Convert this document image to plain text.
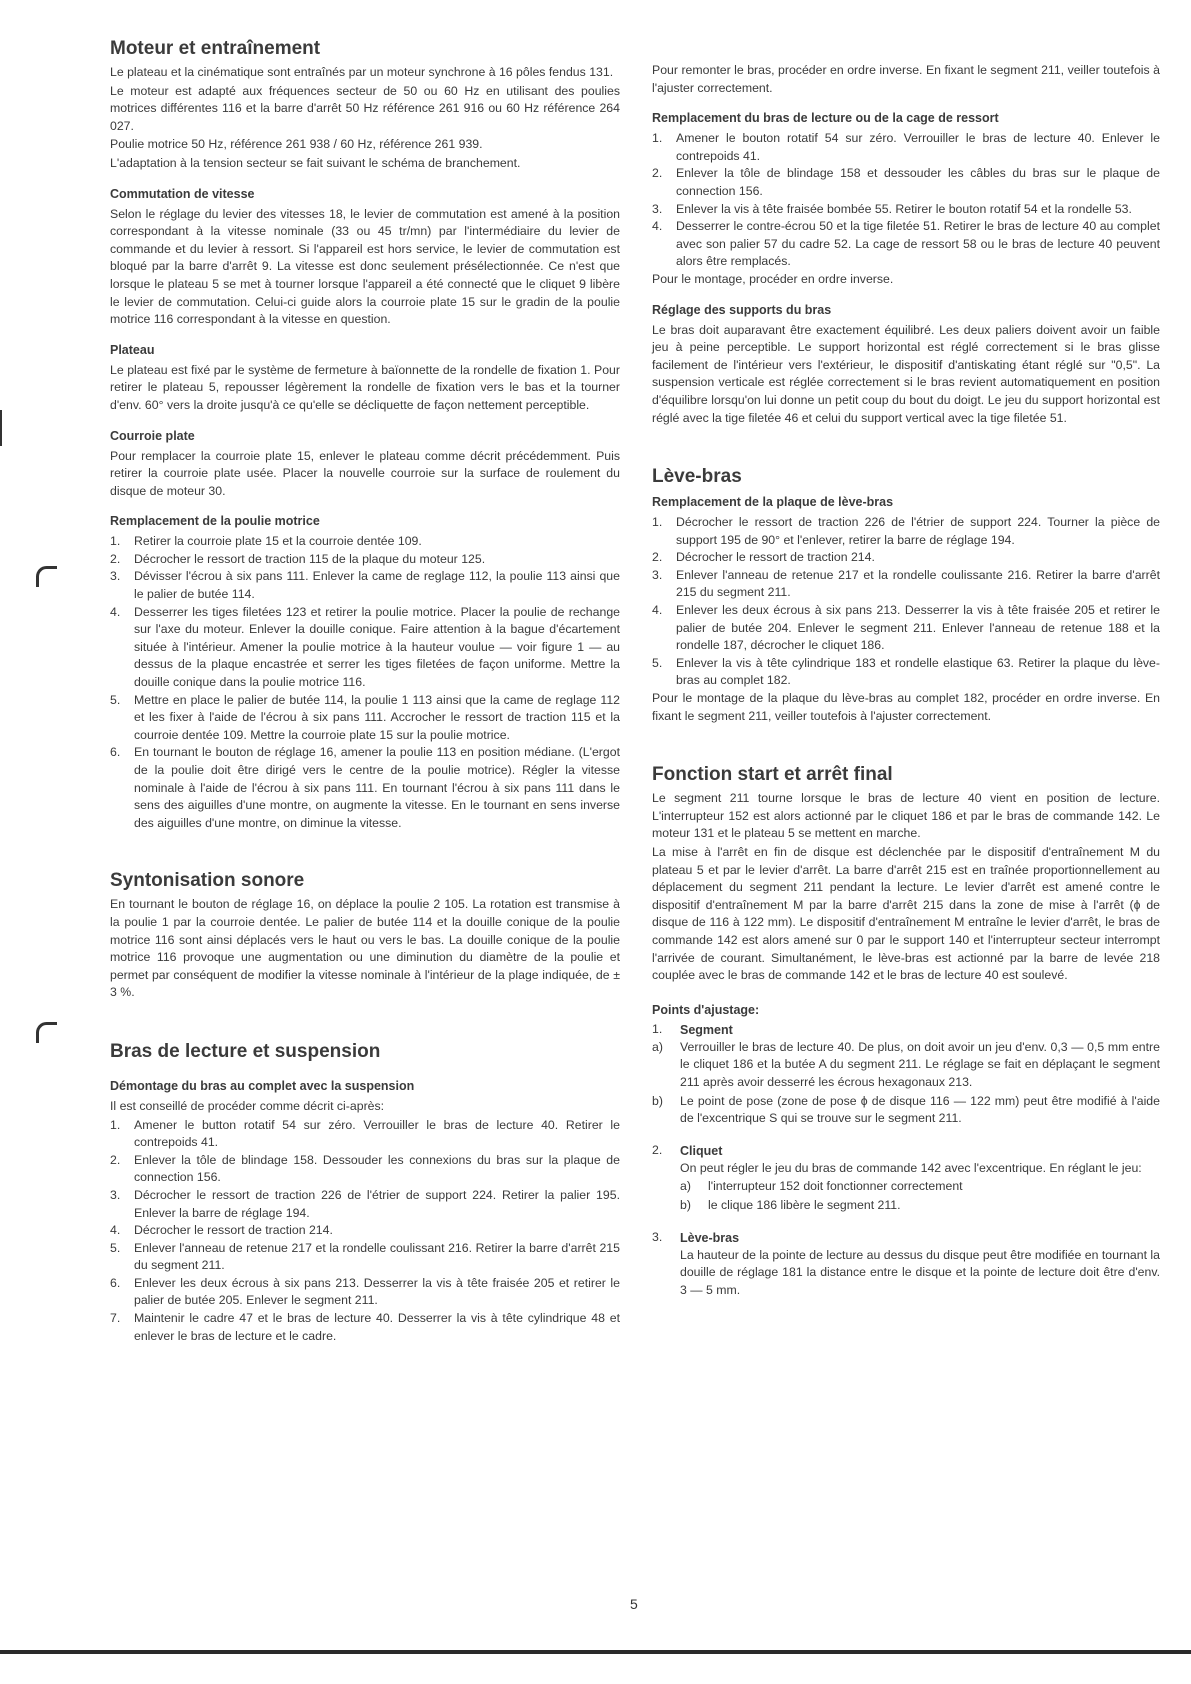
Moteur et entraînement

Le plateau et la cinématique sont entraînés par un moteur synchrone à 16 pôles fendus 131.

Le moteur est adapté aux fréquences secteur de 50 ou 60 Hz en utilisant des poulies motrices différentes 116 et la barre d'arrêt 50 Hz référence 261 916 ou 60 Hz référence 264 027.

Poulie motrice 50 Hz, référence 261 938 / 60 Hz, référence 261 939.

L'adaptation à la tension secteur se fait suivant le schéma de branchement.

Commutation de vitesse

Selon le réglage du levier des vitesses 18, le levier de commutation est amené à la position correspondant à la vitesse nominale (33 ou 45 tr/mn) par l'intermédiaire du levier de commande et du levier à ressort. Si l'appareil est hors service, le levier de commutation est bloqué par la barre d'arrêt 9. La vitesse est donc seulement présélectionnée. Ce n'est que lorsque le plateau 5 se met à tourner lorsque l'appareil a été connecté que le cliquet 9 libère le levier de commutation. Celui-ci guide alors la courroie plate 15 sur le gradin de la poulie motrice 116 correspondant à la vitesse en question.

Plateau

Le plateau est fixé par le système de fermeture à baïonnette de la rondelle de fixation 1. Pour retirer le plateau 5, repousser légèrement la rondelle de fixation vers le bas et la tourner d'env. 60° vers la droite jusqu'à ce qu'elle se décliquette de façon nettement perceptible.

Courroie plate

Pour remplacer la courroie plate 15, enlever le plateau comme décrit précédemment. Puis retirer la courroie plate usée. Placer la nouvelle courroie sur la surface de roulement du disque de moteur 30.

Remplacement de la poulie motrice
1. Retirer la courroie plate 15 et la courroie dentée 109.
2. Décrocher le ressort de traction 115 de la plaque du moteur 125.
3. Dévisser l'écrou à six pans 111. Enlever la came de reglage 112, la poulie 113 ainsi que le palier de butée 114.
4. Desserrer les tiges filetées 123 et retirer la poulie motrice. Placer la poulie de rechange sur l'axe du moteur. Enlever la douille conique. Faire attention à la bague d'écartement située à l'intérieur. Amener la poulie motrice à la hauteur voulue — voir figure 1 — au dessus de la plaque encastrée et serrer les tiges filetées de façon uniforme. Mettre la douille conique dans la poulie motrice 116.
5. Mettre en place le palier de butée 114, la poulie 1 113 ainsi que la came de reglage 112 et les fixer à l'aide de l'écrou à six pans 111. Accrocher le ressort de traction 115 et la courroie dentée 109. Mettre la courroie plate 15 sur la poulie motrice.
6. En tournant le bouton de réglage 16, amener la poulie 113 en position médiane. (L'ergot de la poulie doit être dirigé vers le centre de la poulie motrice). Régler la vitesse nominale à l'aide de l'écrou à six pans 111. En tournant l'écrou à six pans 111 dans le sens des aiguilles d'une montre, on augmente la vitesse. En le tournant en sens inverse des aiguilles d'une montre, on diminue la vitesse.
Syntonisation sonore

En tournant le bouton de réglage 16, on déplace la poulie 2 105. La rotation est transmise à la poulie 1 par la courroie dentée. Le palier de butée 114 et la douille conique de la poulie motrice 116 sont ainsi déplacés vers le haut ou vers le bas. La douille conique de la poulie motrice 116 provoque une augmentation ou une diminution du diamètre de la poulie et permet par conséquent de modifier la vitesse nominale à l'intérieur de la plage indiquée, de ± 3 %.

Bras de lecture et suspension
Démontage du bras au complet avec la suspension

Il est conseillé de procéder comme décrit ci-après:

1. Amener le button rotatif 54 sur zéro. Verrouiller le bras de lecture 40. Retirer le contrepoids 41.
2. Enlever la tôle de blindage 158. Dessouder les connexions du bras sur la plaque de connection 156.
3. Décrocher le ressort de traction 226 de l'étrier de support 224. Retirer la palier 195. Enlever la barre de réglage 194.
4. Décrocher le ressort de traction 214.
5. Enlever l'anneau de retenue 217 et la rondelle coulissant 216. Retirer la barre d'arrêt 215 du segment 211.
6. Enlever les deux écrous à six pans 213. Desserrer la vis à tête fraisée 205 et retirer le palier de butée 205. Enlever le segment 211.
7. Maintenir le cadre 47 et le bras de lecture 40. Desserrer la vis à tête cylindrique 48 et enlever le bras de lecture et le cadre.

Pour remonter le bras, procéder en ordre inverse. En fixant le segment 211, veiller toutefois à l'ajuster correctement.

Remplacement du bras de lecture ou de la cage de ressort
1. Amener le bouton rotatif 54 sur zéro. Verrouiller le bras de lecture 40. Enlever le contrepoids 41.
2. Enlever la tôle de blindage 158 et dessouder les câbles du bras sur le plaque de connection 156.
3. Enlever la vis à tête fraisée bombée 55. Retirer le bouton rotatif 54 et la rondelle 53.
4. Desserrer le contre-écrou 50 et la tige filetée 51. Retirer le bras de lecture 40 au complet avec son palier 57 du cadre 52. La cage de ressort 58 ou le bras de lecture 40 peuvent alors être remplacés.

Pour le montage, procéder en ordre inverse.

Réglage des supports du bras

Le bras doit auparavant être exactement équilibré. Les deux paliers doivent avoir un faible jeu à peine perceptible. Le support horizontal est réglé correctement si le bras glisse facilement de l'intérieur vers l'extérieur, le dispositif d'antiskating étant réglé sur "0,5". La suspension verticale est réglée correctement si le bras revient automatiquement en position d'équilibre lorsqu'on lui donne un petit coup du bout du doigt. Le jeu du support horizontal est réglé avec la tige filetée 46 et celui du support vertical avec la tige filetée 51.

Lève-bras
Remplacement de la plaque de lève-bras
1. Décrocher le ressort de traction 226 de l'étrier de support 224. Tourner la pièce de support 195 de 90° et l'enlever, retirer la barre de réglage 194.
2. Décrocher le ressort de traction 214.
3. Enlever l'anneau de retenue 217 et la rondelle coulissante 216. Retirer la barre d'arrêt 215 du segment 211.
4. Enlever les deux écrous à six pans 213. Desserrer la vis à tête fraisée 205 et retirer le palier de butée 204. Enlever le segment 211. Enlever l'anneau de retenue 188 et la rondelle 187, décrocher le cliquet 186.
5. Enlever la vis à tête cylindrique 183 et rondelle elastique 63. Retirer la plaque du lève-bras au complet 182.

Pour le montage de la plaque du lève-bras au complet 182, procéder en ordre inverse. En fixant le segment 211, veiller toutefois à l'ajuster correctement.

Fonction start et arrêt final

Le segment 211 tourne lorsque le bras de lecture 40 vient en position de lecture. L'interrupteur 152 est alors actionné par le cliquet 186 et par le bras de commande 142. Le moteur 131 et le plateau 5 se mettent en marche.

La mise à l'arrêt en fin de disque est déclenchée par le dispositif d'entraînement M du plateau 5 et par le levier d'arrêt. La barre d'arrêt 215 est en traînée proportionnellement au déplacement du segment 211 pendant la lecture. Le levier d'arrêt est amené contre le dispositif d'entraînement M par la barre d'arrêt 215 dans la zone de mise à l'arrêt (ϕ de disque de 116 à 122 mm). Le dispositif d'entraînement M entraîne le levier d'arrêt, le bras de commande 142 est alors amené sur 0 par le support 140 et l'interrupteur secteur interrompt l'arrivée de courant. Simultanément, le lève-bras est actionné par la barre de levée 218 couplée avec le bras de commande 142 et le bras de lecture 40 est soulevé.

Points d'ajustage:
1. Segment
a) Verrouiller le bras de lecture 40. De plus, on doit avoir un jeu d'env. 0,3 — 0,5 mm entre le cliquet 186 et la butée A du segment 211. Le réglage se fait en déplaçant le segment 211 après avoir desserré les écrous hexagonaux 213.

b) Le point de pose (zone de pose ϕ de disque 116 — 122 mm) peut être modifié à l'aide de l'excentrique S qui se trouve sur le segment 211.

2. Cliquet

On peut régler le jeu du bras de commande 142 avec l'excentrique. En réglant le jeu:

a) l'interrupteur 152 doit fonctionner correctement

b) le clique 186 libère le segment 211.

3. Lève-bras

La hauteur de la pointe de lecture au dessus du disque peut être modifiée en tournant la douille de réglage 181 la distance entre le disque et la pointe de lecture doit être d'env. 3 — 5 mm.

5
